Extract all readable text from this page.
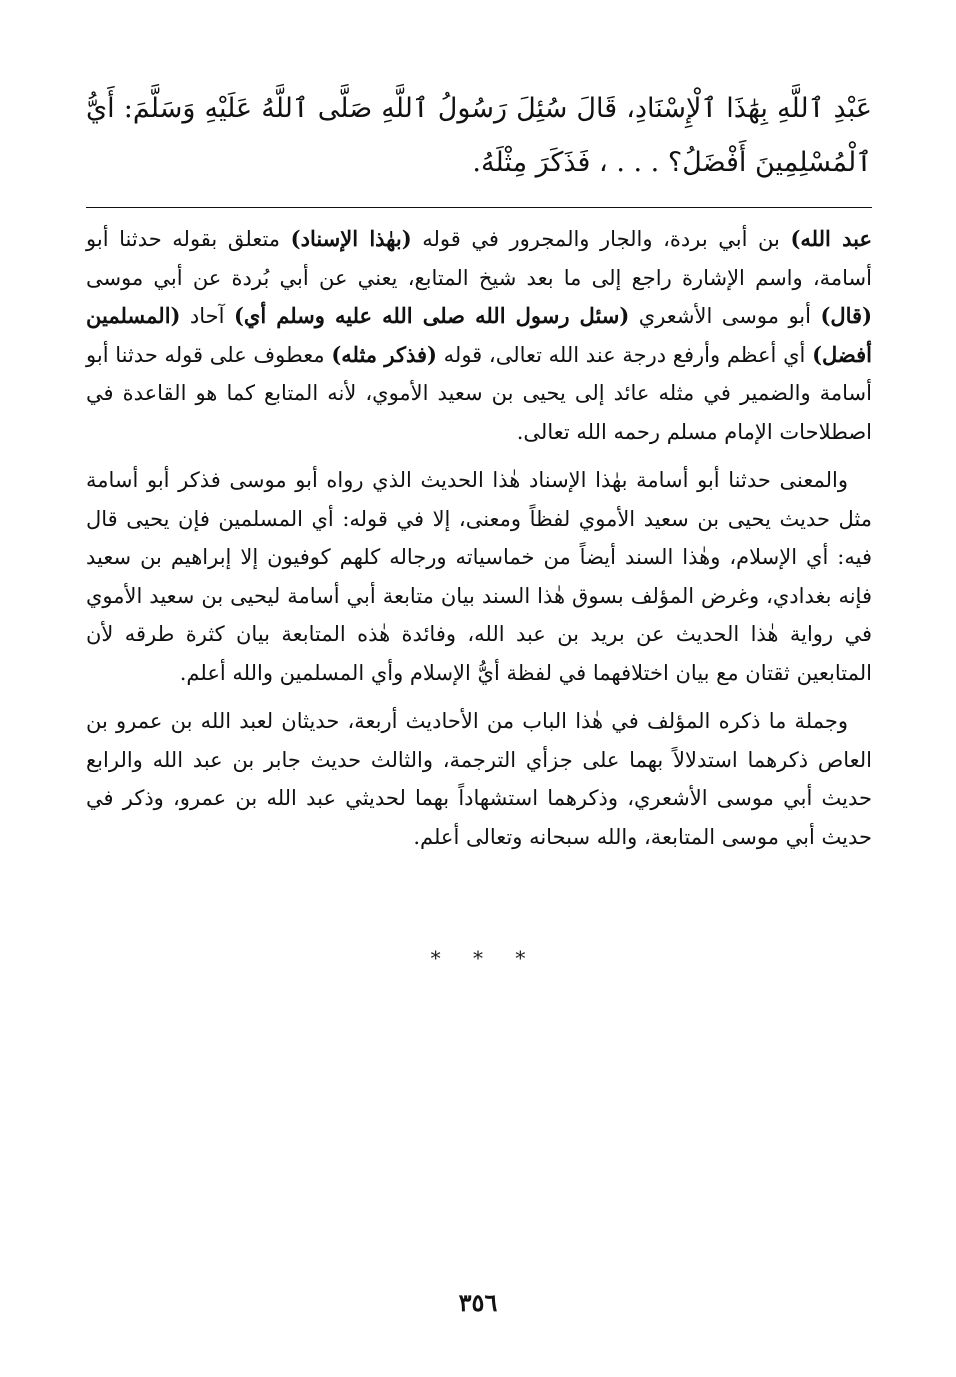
عَبْدِ ٱللَّهِ بِهَٰذَا ٱلْإِسْنَادِ، قَالَ سُئِلَ رَسُولُ ٱللَّهِ صَلَّى ٱللَّهُ عَلَيْهِ وَسَلَّمَ: أَيُّ ٱلْمُسْلِمِينَ أَفْضَلُ؟ . . . ، فَذَكَرَ مِثْلَهُ.

عبد الله) بن أبي بردة، والجار والمجرور في قوله (بهٰذا الإسناد) متعلق بقوله حدثنا أبو أسامة، واسم الإشارة راجع إلى ما بعد شيخ المتابع، يعني عن أبي بُردة عن أبي موسى (قال) أبو موسى الأشعري (سئل رسول الله صلى الله عليه وسلم أي) آحاد (المسلمين أفضل) أي أعظم وأرفع درجة عند الله تعالى، قوله (فذكر مثله) معطوف على قوله حدثنا أبو أسامة والضمير في مثله عائد إلى يحيى بن سعيد الأموي، لأنه المتابع كما هو القاعدة في اصطلاحات الإمام مسلم رحمه الله تعالى.

والمعنى حدثنا أبو أسامة بهٰذا الإسناد هٰذا الحديث الذي رواه أبو موسى فذكر أبو أسامة مثل حديث يحيى بن سعيد الأموي لفظاً ومعنى، إلا في قوله: أي المسلمين فإن يحيى قال فيه: أي الإسلام، وهٰذا السند أيضاً من خماسياته ورجاله كلهم كوفيون إلا إبراهيم بن سعيد فإنه بغدادي، وغرض المؤلف بسوق هٰذا السند بيان متابعة أبي أسامة ليحيى بن سعيد الأموي في رواية هٰذا الحديث عن بريد بن عبد الله، وفائدة هٰذه المتابعة بيان كثرة طرقه لأن المتابعين ثقتان مع بيان اختلافهما في لفظة أيُّ الإسلام وأي المسلمين والله أعلم.

وجملة ما ذكره المؤلف في هٰذا الباب من الأحاديث أربعة، حديثان لعبد الله بن عمرو بن العاص ذكرهما استدلالاً بهما على جزأي الترجمة، والثالث حديث جابر بن عبد الله والرابع حديث أبي موسى الأشعري، وذكرهما استشهاداً بهما لحديثي عبد الله بن عمرو، وذكر في حديث أبي موسى المتابعة، والله سبحانه وتعالى أعلم.

* * *
٣٥٦
